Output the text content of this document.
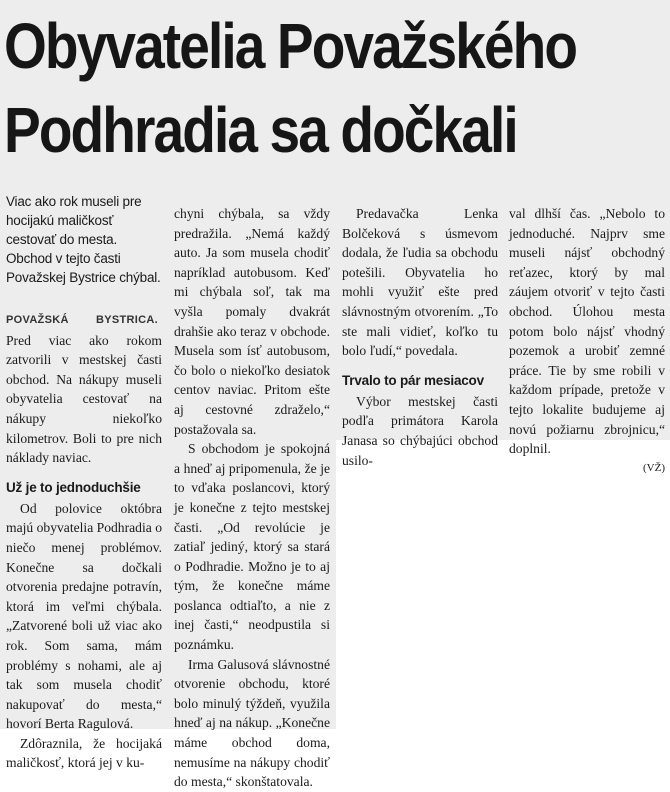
Obyvatelia Považského Podhradia sa dočkali
Viac ako rok museli pre hocijakú maličkosť cestovať do mesta. Obchod v tejto časti Považskej Bystrice chýbal.

POVAŽSKÁ BYSTRICA. Pred viac ako rokom zatvorili v mestskej časti obchod. Na nákupy museli obyvatelia cestovať na nákupy niekoľko kilometrov. Boli to pre nich náklady naviac.

Už je to jednoduchšie

Od polovice októbra majú obyvatelia Podhradia o niečo menej problémov. Konečne sa dočkali otvorenia predajne potravín, ktorá im veľmi chýbala. „Zatvorené boli už viac ako rok. Som sama, mám problémy s nohami, ale aj tak som musela chodiť nakupovať do mesta,“ hovorí Berta Ragulová.

Zdôraznila, že hocijaká maličkosť, ktorá jej v ku-

chyni chýbala, sa vždy predražila. „Nemá každý auto. Ja som musela chodiť napríklad autobusom. Keď mi chýbala soľ, tak ma vyšla pomaly dvakrát drahšie ako teraz v obchode. Musela som ísť autobusom, čo bolo o niekoľko desiatok centov naviac. Pritom ešte aj cestovné zdraželo,“ postažovala sa.

S obchodom je spokojná a hneď aj pripomenula, že je to vďaka poslancovi, ktorý je konečne z tejto mestskej časti. „Od revolúcie je zatiaľ jediný, ktorý sa stará o Podhradie. Možno je to aj tým, že konečne máme poslanca odtiaľto, a nie z inej časti,“ neodpustila si poznámku.

Irma Galusová slávnostné otvorenie obchodu, ktoré bolo minulý týždeň, využila hneď aj na nákup. „Konečne máme obchod doma, nemusíme na nákupy chodiť do mesta,“ skonštatovala.

Predavačka Lenka Bolčeková s úsmevom dodala, že ľudia sa obchodu potešili. Obyvatelia ho mohli využiť ešte pred slávnostným otvorením. „To ste mali vidieť, koľko tu bolo ľudí,“ povedala.

Trvalo to pár mesiacov

Výbor mestskej časti podľa primátora Karola Janasa so chýbajúci obchod usilo-

val dlhší čas. „Nebolo to jednoduché. Najprv sme museli nájsť obchodný reťazec, ktorý by mal záujem otvoriť v tejto časti obchod. Úlohou mesta potom bolo nájsť vhodný pozemok a urobiť zemné práce. Tie by sme robili v každom prípade, pretože v tejto lokalite budujeme aj novú požiarnu zbrojnicu,“ doplnil.

(VŽ)
